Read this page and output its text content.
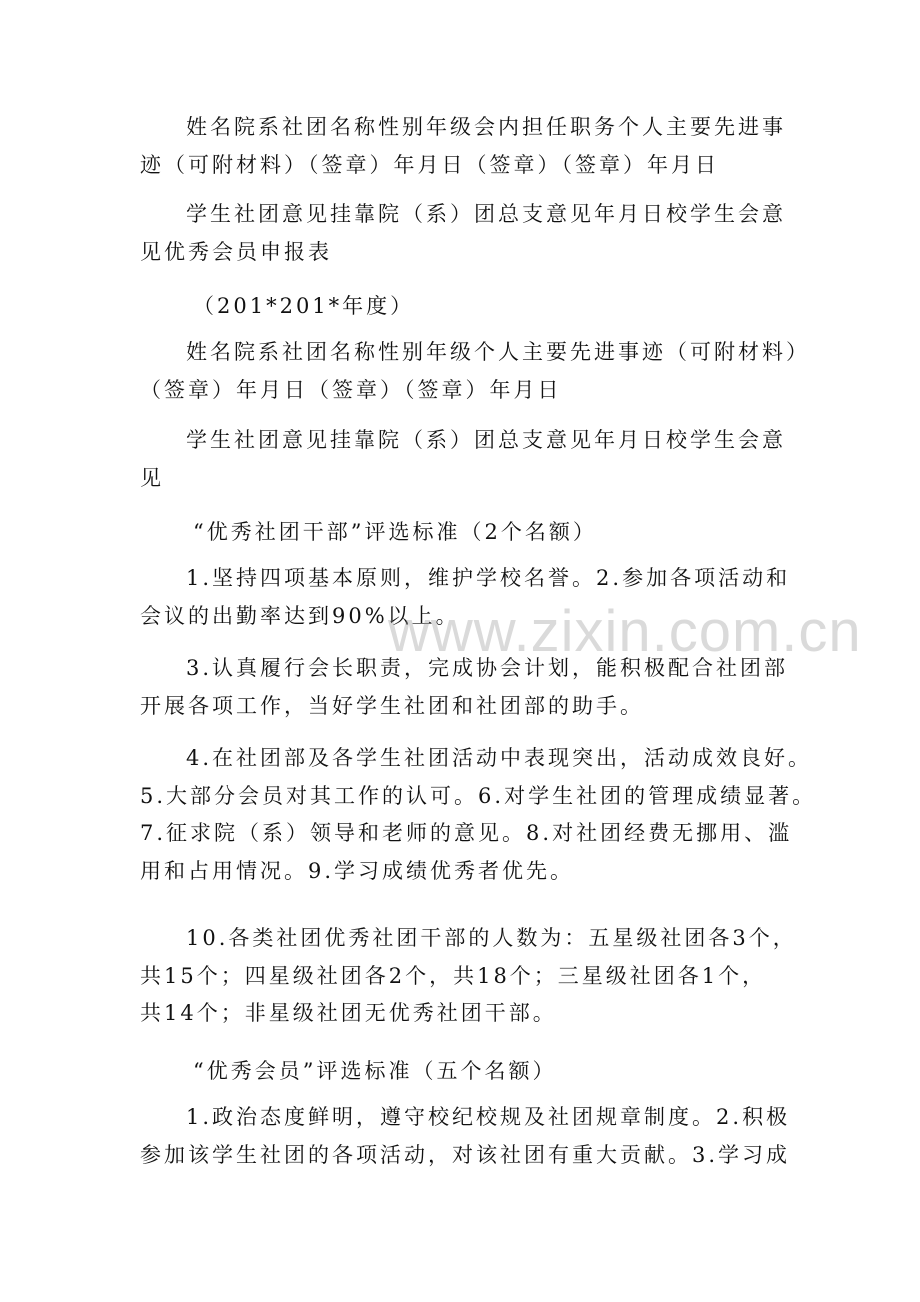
姓名院系社团名称性别年级会内担任职务个人主要先进事
迹（可附材料）（签章）年月日（签章）（签章）年月日
学生社团意见挂靠院（系）团总支意见年月日校学生会意
见优秀会员申报表
（201*201*年度）
姓名院系社团名称性别年级个人主要先进事迹（可附材料）
（签章）年月日（签章）（签章）年月日
学生社团意见挂靠院（系）团总支意见年月日校学生会意
见
“优秀社团干部”评选标准（2个名额）
1.坚持四项基本原则，维护学校名誉。2.参加各项活动和
会议的出勤率达到90%以上。
3.认真履行会长职责，完成协会计划，能积极配合社团部
开展各项工作，当好学生社团和社团部的助手。
4.在社团部及各学生社团活动中表现突出，活动成效良好。
5.大部分会员对其工作的认可。6.对学生社团的管理成绩显著。
7.征求院（系）领导和老师的意见。8.对社团经费无挪用、滥
用和占用情况。9.学习成绩优秀者优先。
10.各类社团优秀社团干部的人数为：五星级社团各3个，
共15个；四星级社团各2个，共18个；三星级社团各1个，
共14个；非星级社团无优秀社团干部。
“优秀会员”评选标准（五个名额）
1.政治态度鲜明，遵守校纪校规及社团规章制度。2.积极
参加该学生社团的各项活动，对该社团有重大贡献。3.学习成
www.zixin.com.cn
